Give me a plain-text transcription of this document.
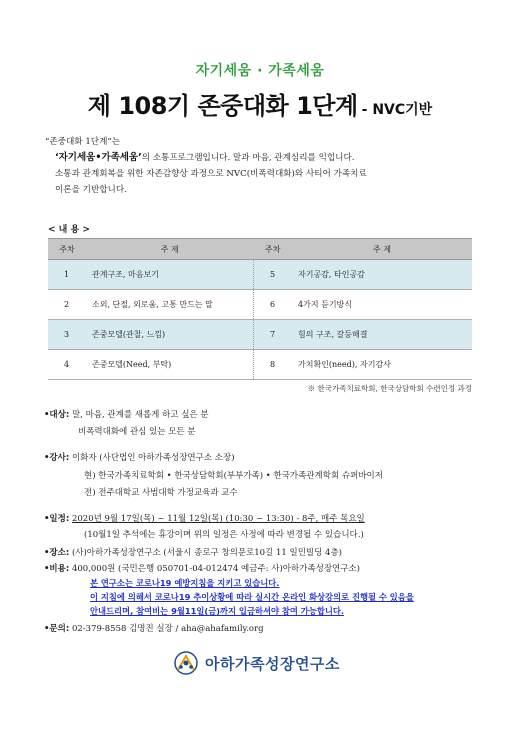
자기세움 · 가족세움
제 108기 존중대화 1단계 - NVC기반
“존중대화 1단계”는
‘자기세움•가족세움’의 소통프로그램입니다. 말과 마음, 관계심리를 익힙니다.
소통과 관계회복을 위한 자존감향상 과정으로 NVC(비폭력대화)와 사티어 가족치료
이론을 기반합니다.
< 내 용 >
주차	주 제	주차	주 제
1	관계구조, 마음보기	5	자기공감, 타인공감
2	소외, 단절, 외로움, 고통 만드는 말	6	4가지 듣기방식
3	존중모델(관찰, 느낌)	7	힘의 구조, 갈등해결
4	존중모델(Need, 부탁)	8	가치확인(need), 자기감사
※ 한국가족치료학회, 한국상담학회 수련인정 과정
•대상: 말, 마음, 관계를 새롭게 하고 싶은 분
비폭력대화에 관심 있는 모든 분
•강사: 이화자 (사단법인 아하가족성장연구소 소장)
현) 한국가족치료학회 • 한국상담학회(부부가족) • 한국가족관계학회 슈퍼바이저
전) 전주대학교 사범대학 가정교육과 교수
•일정: 2020년 9월 17일(목) ~ 11월 12일(목) (10:30 ~ 13:30) - 8주, 매주 목요일
(10월1일 추석에는 휴강이며 위의 일정은 사정에 따라 변경될 수 있습니다.)
•장소: (사)아하가족성장연구소 (서울시 종로구 창의문로10길 11 일민빌딩 4층)
•비용: 400,000원 (국민은행 050701-04-012474 예금주: 사)아하가족성장연구소)
본 연구소는 코로나19 예방지침을 지키고 있습니다.
이 지침에 의해서 코로나19 추이상황에 따라 실시간 온라인 화상강의로 진행될 수 있음을
안내드리며, 참여비는 9월11일(금)까지 입금하셔야 참여 가능합니다.
•문의: 02-379-8558 김명진 실장 / aha@ahafamily.org
아하가족성장연구소
